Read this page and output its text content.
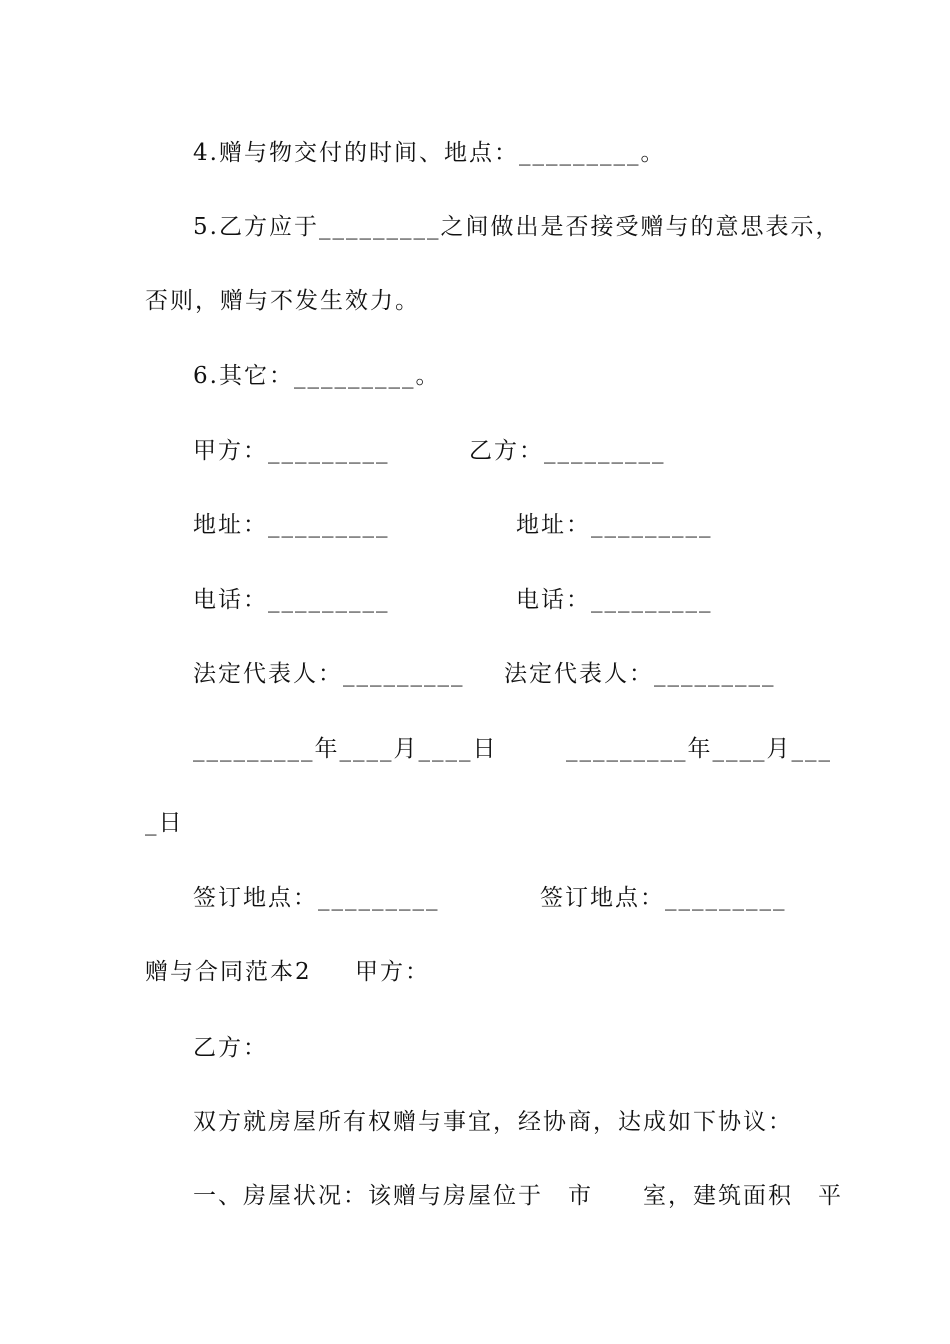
4.赠与物交付的时间、地点：_________。
5.乙方应于_________之间做出是否接受赠与的意思表示，
否则，赠与不发生效力。
6.其它：_________。
甲方：_________	乙方：_________
地址：_________	地址：_________
电话：_________	电话：_________
法定代表人：_________ 法定代表人：_________
_________年____月____日	_________年____月___
_日
签订地点：_________	签订地点：_________
赠与合同范本2 甲方：
乙方：
双方就房屋所有权赠与事宜，经协商，达成如下协议：
一、房屋状况：该赠与房屋位于　市　　室，建筑面积　平
